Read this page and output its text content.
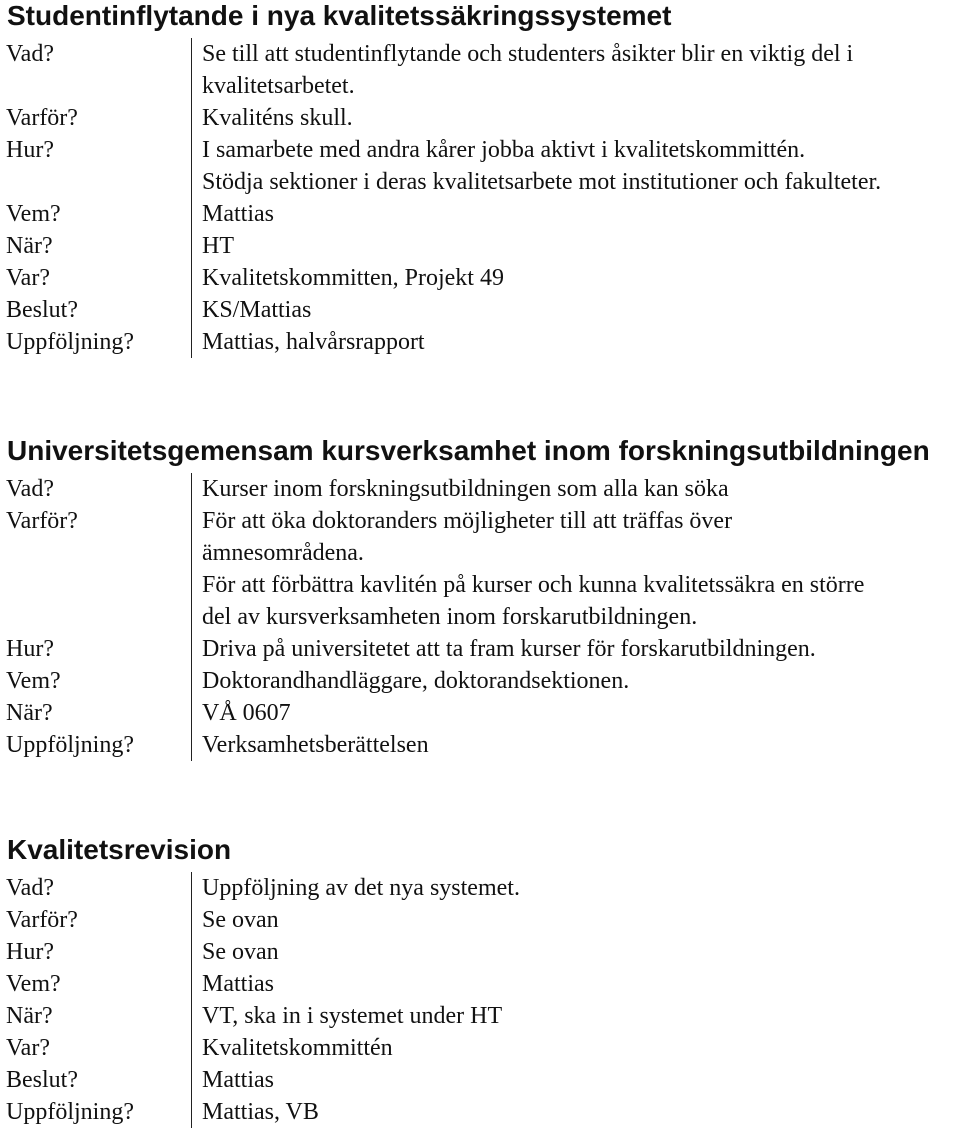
Studentinflytande i nya kvalitetssäkringssystemet
Vad?	Se till att studentinflytande och studenters åsikter blir en viktig del i
kvalitetsarbetet.
Varför?	Kvaliténs skull.
Hur?	I samarbete med andra kårer jobba aktivt i kvalitetskommittén.
Stödja sektioner i deras kvalitetsarbete mot institutioner och fakulteter.
Vem?	Mattias
När?	HT
Var?	Kvalitetskommitten, Projekt 49
Beslut?	KS/Mattias
Uppföljning?	Mattias, halvårsrapport
Universitetsgemensam kursverksamhet inom forskningsutbildningen
Vad?	Kurser inom forskningsutbildningen som alla kan söka
Varför?	För att öka doktoranders möjligheter till att träffas över
ämnesområdena.
För att förbättra kavlitén på kurser och kunna kvalitetssäkra en större
del av kursverksamheten inom forskarutbildningen.
Hur?	Driva på universitetet att ta fram kurser för forskarutbildningen.
Vem?	Doktorandhandläggare, doktorandsektionen.
När?	VÅ 0607
Uppföljning?	Verksamhetsberättelsen
Kvalitetsrevision
Vad?	Uppföljning av det nya systemet.
Varför?	Se ovan
Hur?	Se ovan
Vem?	Mattias
När?	VT, ska in i systemet under HT
Var?	Kvalitetskommittén
Beslut?	Mattias
Uppföljning?	Mattias, VB
